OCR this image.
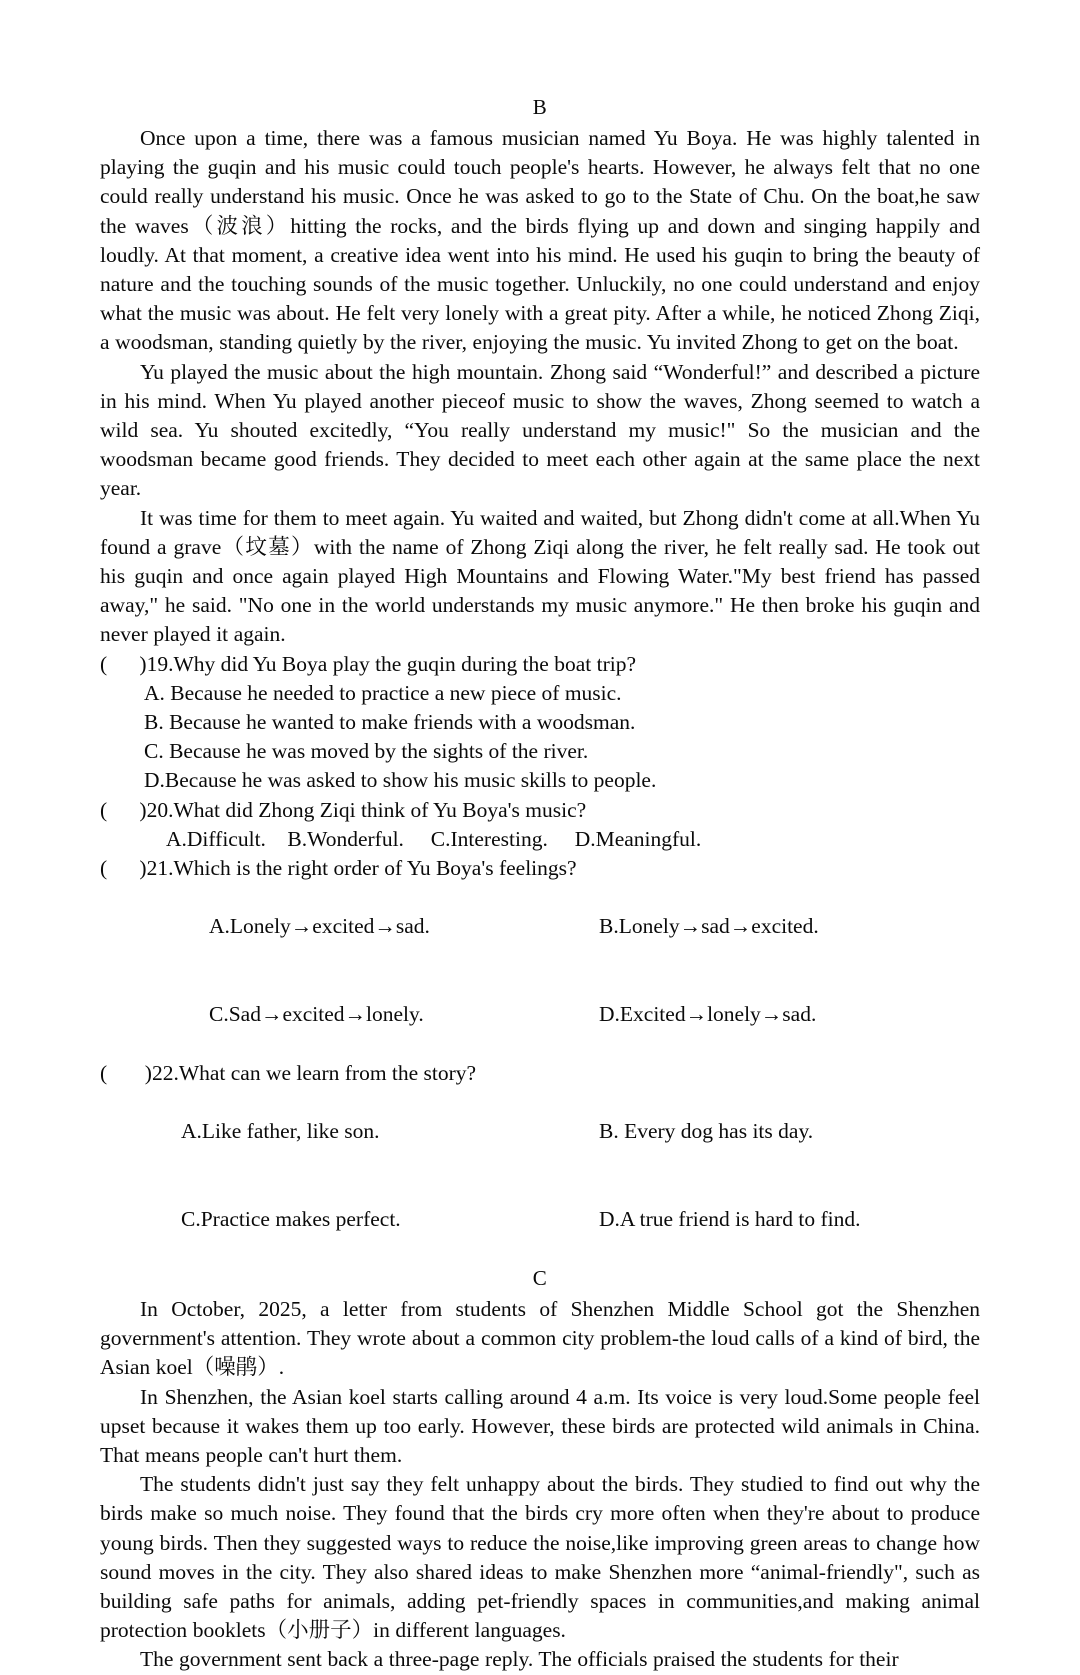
B

Once upon a time, there was a famous musician named Yu Boya. He was highly talented in playing the guqin and his music could touch people's hearts. However, he always felt that no one could really understand his music. Once he was asked to go to the State of Chu. On the boat,he saw the waves（波浪）hitting the rocks, and the birds flying up and down and singing happily and loudly. At that moment, a creative idea went into his mind. He used his guqin to bring the beauty of nature and the touching sounds of the music together. Unluckily, no one could understand and enjoy what the music was about. He felt very lonely with a great pity. After a while, he noticed Zhong Ziqi, a woodsman, standing quietly by the river, enjoying the music. Yu invited Zhong to get on the boat.

Yu played the music about the high mountain. Zhong said “Wonderful!” and described a picture in his mind. When Yu played another pieceof music to show the waves, Zhong seemed to watch a wild sea. Yu shouted excitedly, “You really understand my music!" So the musician and the woodsman became good friends. They decided to meet each other again at the same place the next year.

It was time for them to meet again. Yu waited and waited, but Zhong didn't come at all.When Yu found a grave（坟墓）with the name of Zhong Ziqi along the river, he felt really sad. He took out his guqin and once again played High Mountains and Flowing Water."My best friend has passed away," he said. "No one in the world understands my music anymore." He then broke his guqin and never played it again.

(      )19.Why did Yu Boya play the guqin during the boat trip?
A. Because he needed to practice a new piece of music.
B. Because he wanted to make friends with a woodsman.
C. Because he was moved by the sights of the river.
D.Because he was asked to show his music skills to people.
(      )20.What did Zhong Ziqi think of Yu Boya's music?
A.Difficult.    B.Wonderful.     C.Interesting.     D.Meaningful.
(      )21.Which is the right order of Yu Boya's feelings?

A.Lonely→excited→sad.	B.Lonely→sad→excited.

C.Sad→excited→lonely.	D.Excited→lonely→sad.

(       )22.What can we learn from the story?

A.Like father, like son.	B. Every dog has its day.

C.Practice makes perfect.	D.A true friend is hard to find.

C

In October, 2025, a letter from students of Shenzhen Middle School got the Shenzhen government's attention. They wrote about a common city problem-the loud calls of a kind of bird, the Asian koel（噪鹃）.

In Shenzhen, the Asian koel starts calling around 4 a.m. Its voice is very loud.Some people feel upset because it wakes them up too early. However, these birds are protected wild animals in China. That means people can't hurt them.

The students didn't just say they felt unhappy about the birds. They studied to find out why the birds make so much noise. They found that the birds cry more often when they're about to produce young birds. Then they suggested ways to reduce the noise,like improving green areas to change how sound moves in the city. They also shared ideas to make Shenzhen more “animal-friendly", such as building safe paths for animals, adding pet-friendly spaces in communities,and making animal protection booklets（小册子）in different languages.

The government sent back a three-page reply. The officials praised the students for their
